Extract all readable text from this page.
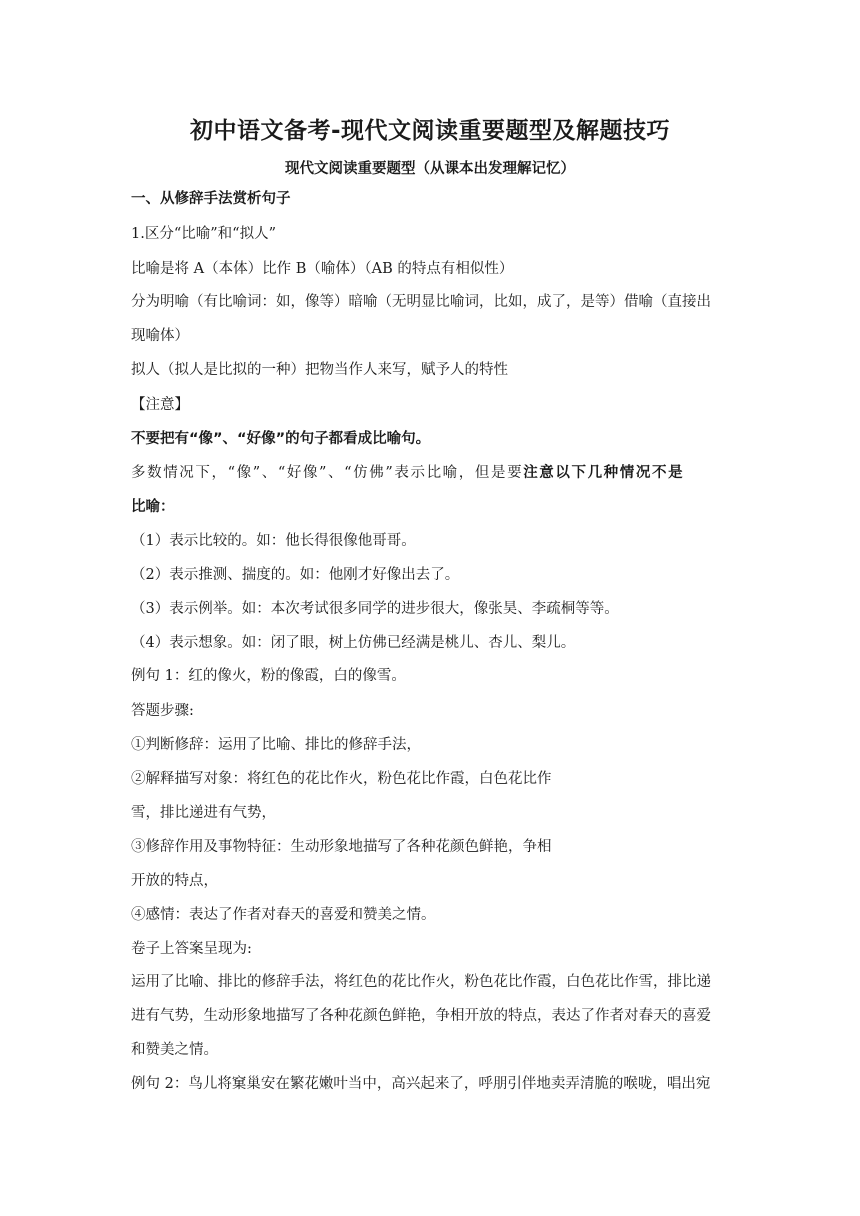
初中语文备考-现代文阅读重要题型及解题技巧
现代文阅读重要题型（从课本出发理解记忆）
一、从修辞手法赏析句子
1.区分“比喻”和“拟人”
比喻是将 A（本体）比作 B（喻体）（AB 的特点有相似性）
分为明喻（有比喻词：如，像等）暗喻（无明显比喻词，比如，成了，是等）借喻（直接出
现喻体）
拟人（拟人是比拟的一种）把物当作人来写，赋予人的特性
【注意】
不要把有“像”、“好像”的句子都看成比喻句。
多数情况下，“像”、“好像”、“仿佛”表示比喻，但是要注意以下几种情况不是
比喻：
（1）表示比较的。如：他长得很像他哥哥。
（2）表示推测、揣度的。如：他刚才好像出去了。
（3）表示例举。如：本次考试很多同学的进步很大，像张昊、李疏桐等等。
（4）表示想象。如：闭了眼，树上仿佛已经满是桃儿、杏儿、梨儿。
例句 1：红的像火，粉的像霞，白的像雪。
答题步骤:
①判断修辞：运用了比喻、排比的修辞手法，
②解释描写对象：将红色的花比作火，粉色花比作霞，白色花比作
雪，排比递进有气势，
③修辞作用及事物特征：生动形象地描写了各种花颜色鲜艳，争相
开放的特点，
④感情：表达了作者对春天的喜爱和赞美之情。
卷子上答案呈现为:
运用了比喻、排比的修辞手法，将红色的花比作火，粉色花比作霞，白色花比作雪，排比递
进有气势，生动形象地描写了各种花颜色鲜艳，争相开放的特点，表达了作者对春天的喜爱
和赞美之情。
例句 2：鸟儿将窠巢安在繁花嫩叶当中，高兴起来了，呼朋引伴地卖弄清脆的喉咙，唱出宛
